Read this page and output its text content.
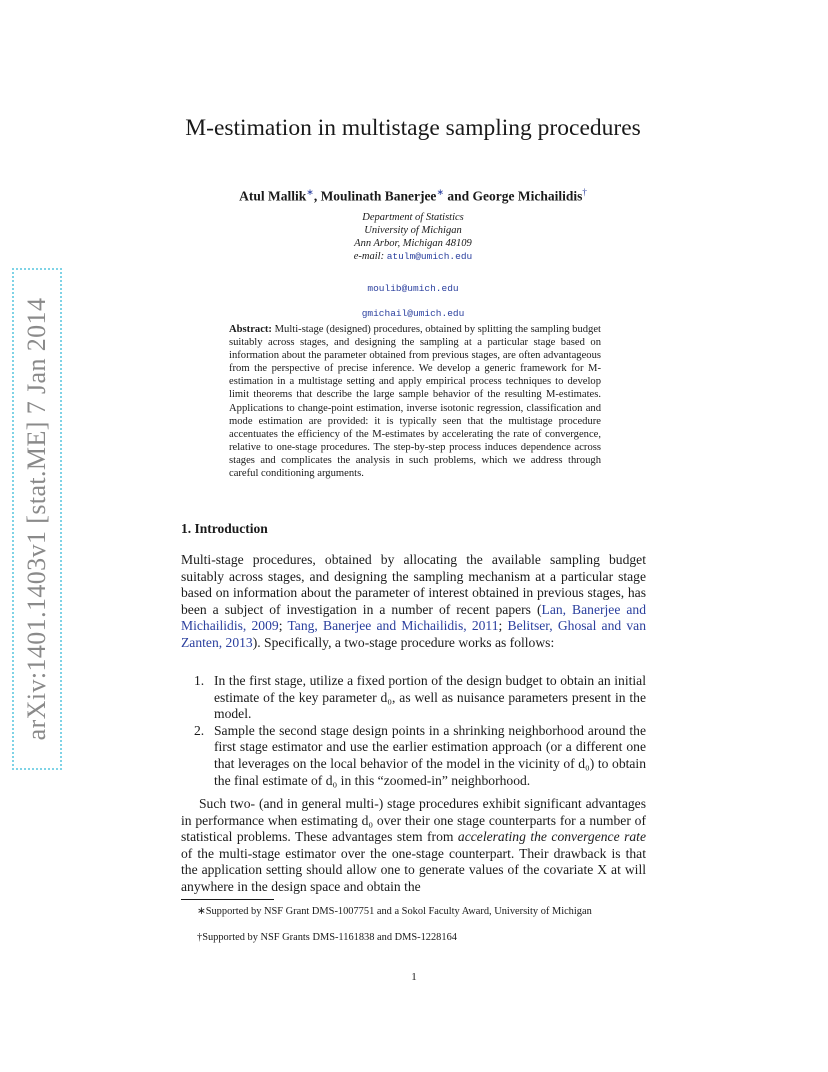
arXiv:1401.1403v1 [stat.ME] 7 Jan 2014
M-estimation in multistage sampling procedures
Atul Mallik∗, Moulinath Banerjee∗ and George Michailidis†
Department of Statistics
University of Michigan
Ann Arbor, Michigan 48109
e-mail: atulm@umich.edu
moulib@umich.edu
gmichail@umich.edu
Abstract: Multi-stage (designed) procedures, obtained by splitting the sampling budget suitably across stages, and designing the sampling at a particular stage based on information about the parameter obtained from previous stages, are often advantageous from the perspective of precise inference. We develop a generic framework for M-estimation in a multistage setting and apply empirical process techniques to develop limit theorems that describe the large sample behavior of the resulting M-estimates. Applications to change-point estimation, inverse isotonic regression, classification and mode estimation are provided: it is typically seen that the multistage procedure accentuates the efficiency of the M-estimates by accelerating the rate of convergence, relative to one-stage procedures. The step-by-step process induces dependence across stages and complicates the analysis in such problems, which we address through careful conditioning arguments.
1. Introduction
Multi-stage procedures, obtained by allocating the available sampling budget suitably across stages, and designing the sampling mechanism at a particular stage based on information about the parameter of interest obtained in previous stages, has been a subject of investigation in a number of recent papers (Lan, Banerjee and Michailidis, 2009; Tang, Banerjee and Michailidis, 2011; Belitser, Ghosal and van Zanten, 2013). Specifically, a two-stage procedure works as follows:
1. In the first stage, utilize a fixed portion of the design budget to obtain an initial estimate of the key parameter d₀, as well as nuisance parameters present in the model.
2. Sample the second stage design points in a shrinking neighborhood around the first stage estimator and use the earlier estimation approach (or a different one that leverages on the local behavior of the model in the vicinity of d₀) to obtain the final estimate of d₀ in this “zoomed-in” neighborhood.
Such two- (and in general multi-) stage procedures exhibit significant advantages in performance when estimating d₀ over their one stage counterparts for a number of statistical problems. These advantages stem from accelerating the convergence rate of the multi-stage estimator over the one-stage counterpart. Their drawback is that the application setting should allow one to generate values of the covariate X at will anywhere in the design space and obtain the
∗Supported by NSF Grant DMS-1007751 and a Sokol Faculty Award, University of Michigan
†Supported by NSF Grants DMS-1161838 and DMS-1228164
1
